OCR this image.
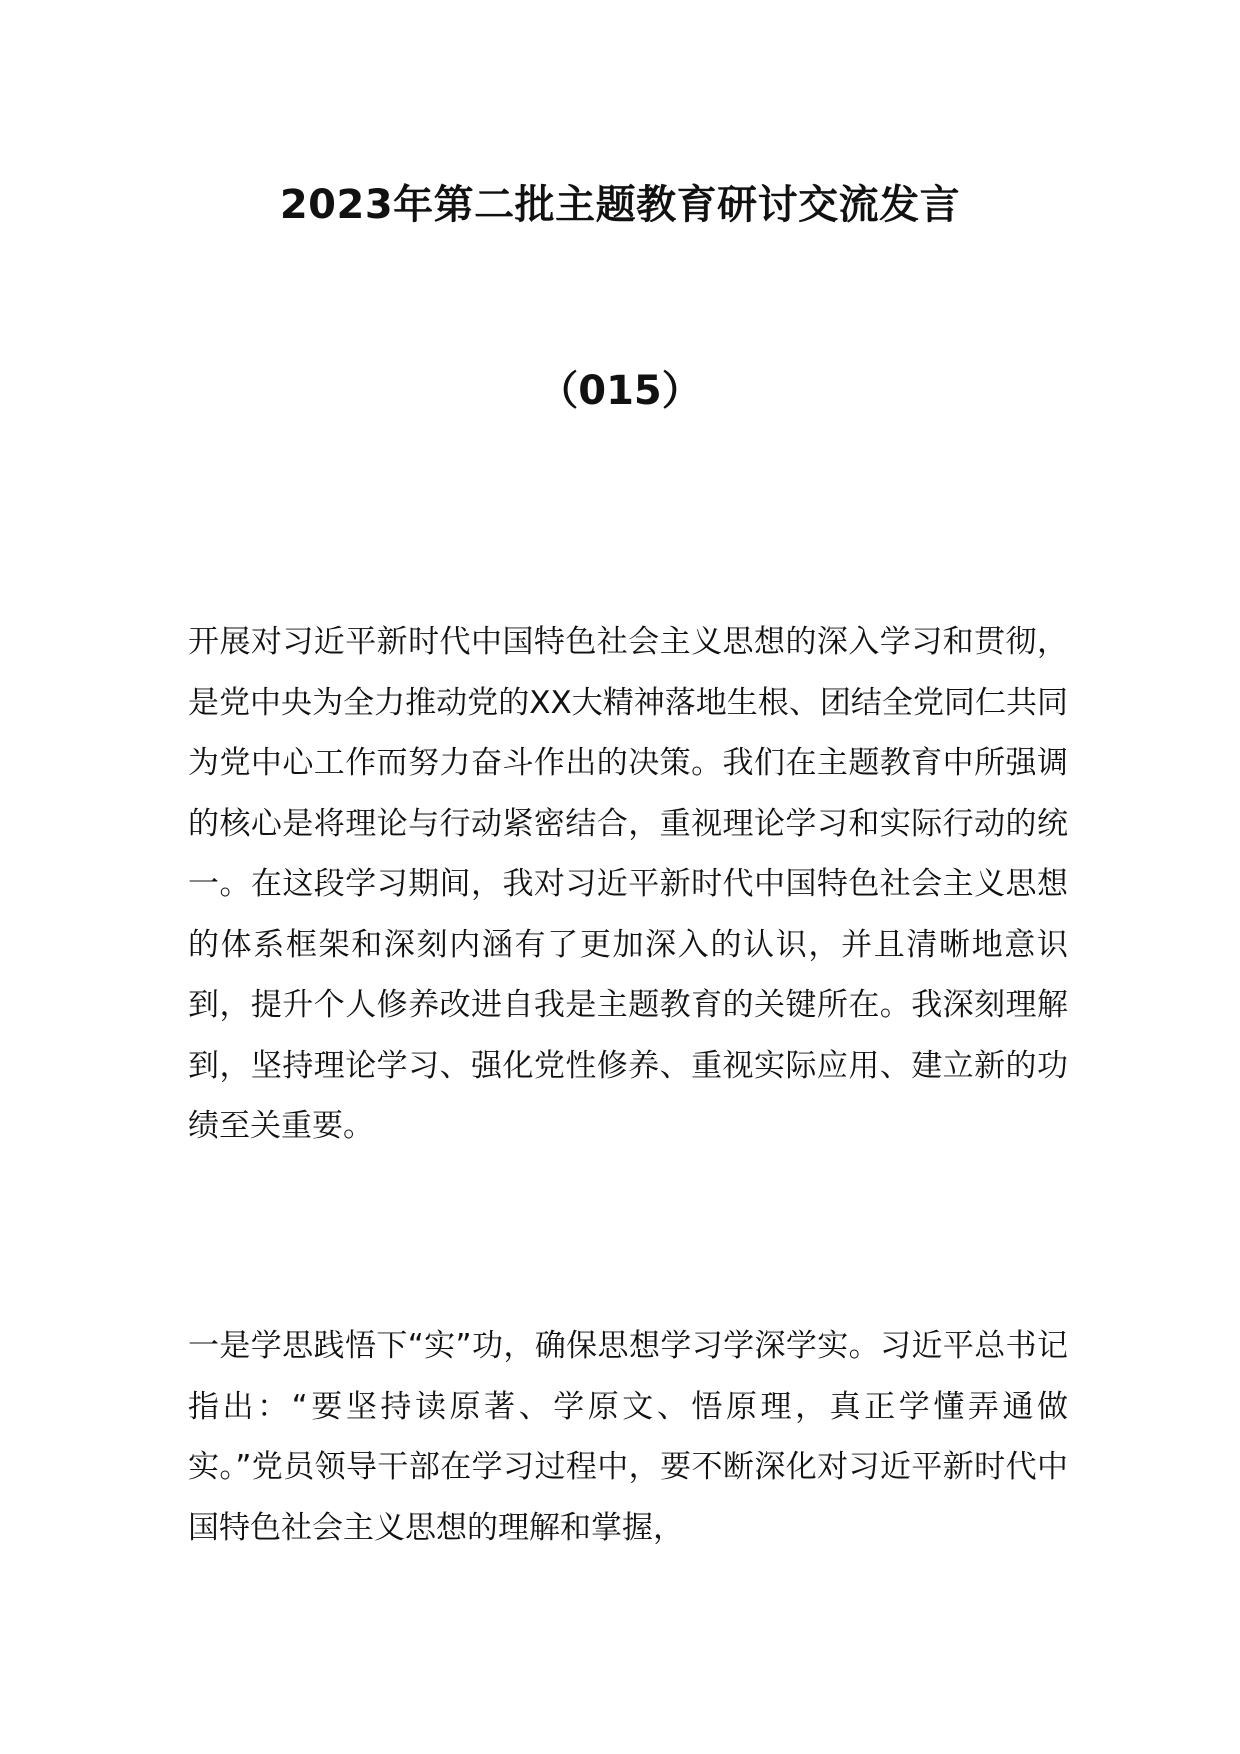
2023年第二批主题教育研讨交流发言
（015）

开展对习近平新时代中国特色社会主义思想的深入学习和贯彻，是党中央为全力推动党的XX大精神落地生根、团结全党同仁共同为党中心工作而努力奋斗作出的决策。我们在主题教育中所强调的核心是将理论与行动紧密结合，重视理论学习和实际行动的统一。在这段学习期间，我对习近平新时代中国特色社会主义思想的体系框架和深刻内涵有了更加深入的认识，并且清晰地意识到，提升个人修养改进自我是主题教育的关键所在。我深刻理解到，坚持理论学习、强化党性修养、重视实际应用、建立新的功绩至关重要。

一是学思践悟下“实”功，确保思想学习学深学实。习近平总书记指出：“要坚持读原著、学原文、悟原理，真正学懂弄通做实。”党员领导干部在学习过程中，要不断深化对习近平新时代中国特色社会主义思想的理解和掌握，
